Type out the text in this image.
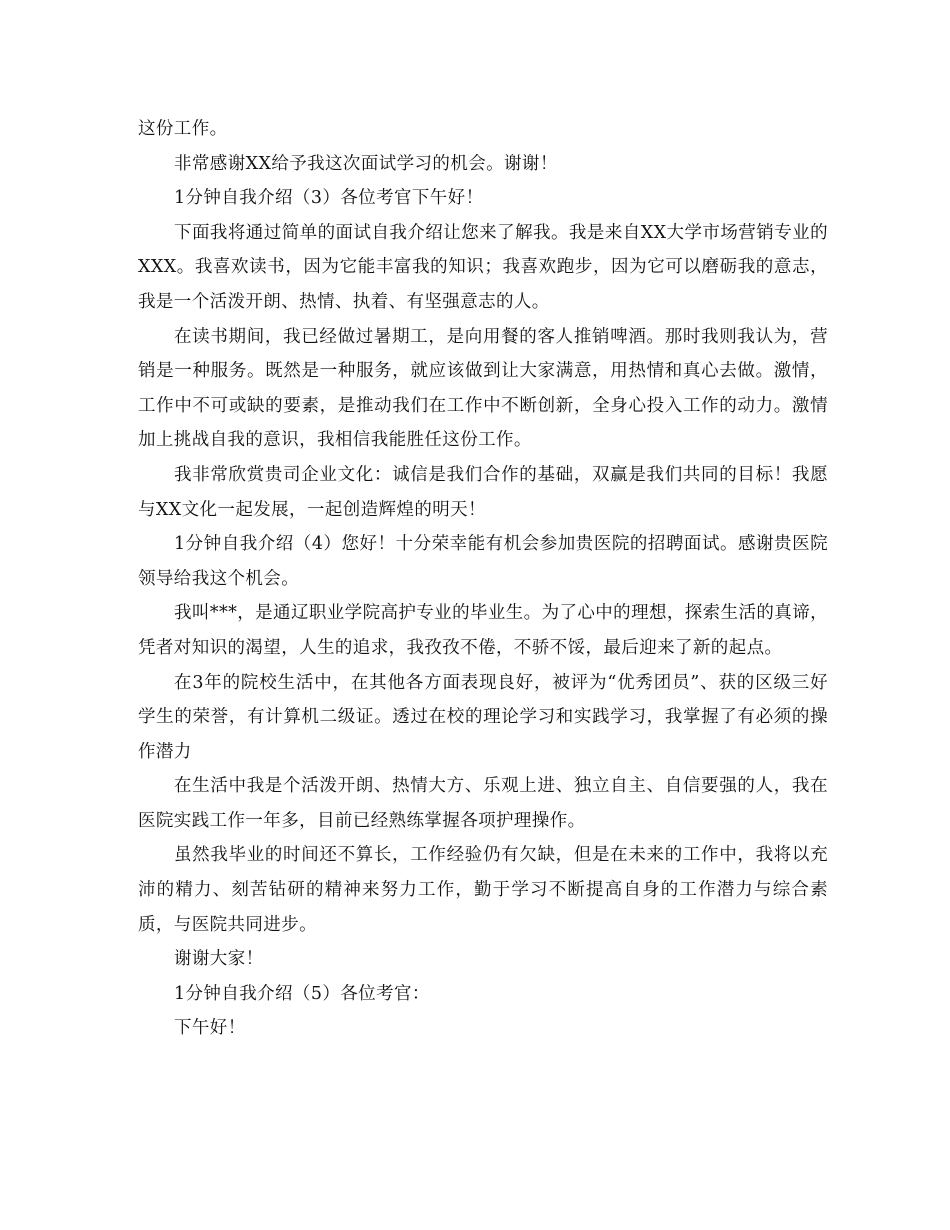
这份工作。

非常感谢XX给予我这次面试学习的机会。谢谢！

1分钟自我介绍（3）各位考官下午好！

下面我将通过简单的面试自我介绍让您来了解我。我是来自XX大学市场营销专业的XXX。我喜欢读书，因为它能丰富我的知识；我喜欢跑步，因为它可以磨砺我的意志，我是一个活泼开朗、热情、执着、有坚强意志的人。

在读书期间，我已经做过暑期工，是向用餐的客人推销啤酒。那时我则我认为，营销是一种服务。既然是一种服务，就应该做到让大家满意，用热情和真心去做。激情，工作中不可或缺的要素，是推动我们在工作中不断创新，全身心投入工作的动力。激情加上挑战自我的意识，我相信我能胜任这份工作。

我非常欣赏贵司企业文化：诚信是我们合作的基础，双赢是我们共同的目标！我愿与XX文化一起发展，一起创造辉煌的明天！

1分钟自我介绍（4）您好！十分荣幸能有机会参加贵医院的招聘面试。感谢贵医院领导给我这个机会。

我叫***，是通辽职业学院高护专业的毕业生。为了心中的理想，探索生活的真谛，凭者对知识的渴望，人生的追求，我孜孜不倦，不骄不馁，最后迎来了新的起点。

在3年的院校生活中，在其他各方面表现良好，被评为“优秀团员”、获的区级三好学生的荣誉，有计算机二级证。透过在校的理论学习和实践学习，我掌握了有必须的操作潜力

在生活中我是个活泼开朗、热情大方、乐观上进、独立自主、自信要强的人，我在医院实践工作一年多，目前已经熟练掌握各项护理操作。

虽然我毕业的时间还不算长，工作经验仍有欠缺，但是在未来的工作中，我将以充沛的精力、刻苦钻研的精神来努力工作，勤于学习不断提高自身的工作潜力与综合素质，与医院共同进步。

谢谢大家！

1分钟自我介绍（5）各位考官：

下午好！
